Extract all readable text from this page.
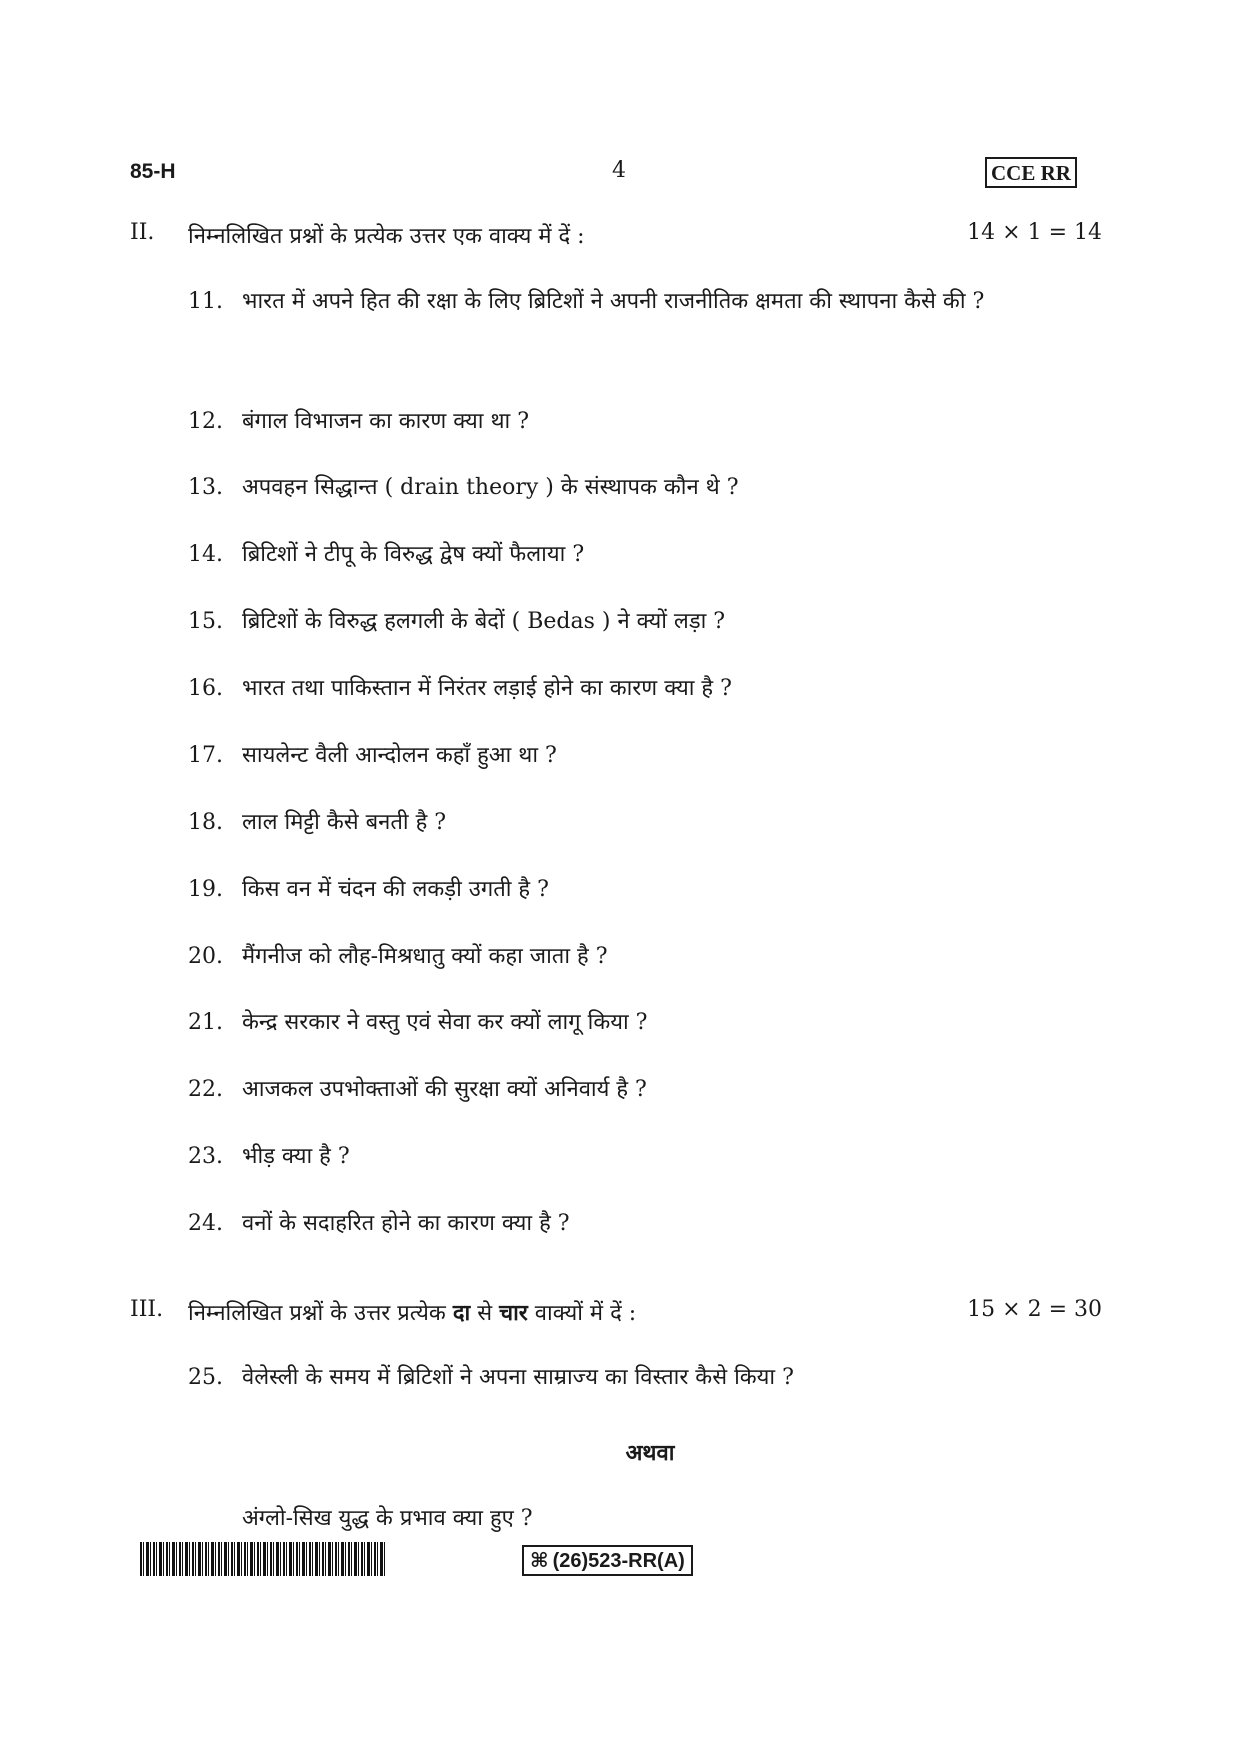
85-H	4	CCE RR
II. निम्नलिखित प्रश्नों के प्रत्येक उत्तर एक वाक्य में दें :	14 × 1 = 14
11. भारत में अपने हित की रक्षा के लिए ब्रिटिशों ने अपनी राजनीतिक क्षमता की स्थापना कैसे की ?
12. बंगाल विभाजन का कारण क्या था ?
13. अपवहन सिद्धान्त ( drain theory ) के संस्थापक कौन थे ?
14. ब्रिटिशों ने टीपू के विरुद्ध द्वेष क्यों फैलाया ?
15. ब्रिटिशों के विरुद्ध हलगली के बेदों ( Bedas ) ने क्यों लड़ा ?
16. भारत तथा पाकिस्तान में निरंतर लड़ाई होने का कारण क्या है ?
17. सायलेन्ट वैली आन्दोलन कहाँ हुआ था ?
18. लाल मिट्टी कैसे बनती है ?
19. किस वन में चंदन की लकड़ी उगती है ?
20. मैंगनीज को लौह-मिश्रधातु क्यों कहा जाता है ?
21. केन्द्र सरकार ने वस्तु एवं सेवा कर क्यों लागू किया ?
22. आजकल उपभोक्ताओं की सुरक्षा क्यों अनिवार्य है ?
23. भीड़ क्या है ?
24. वनों के सदाहरित होने का कारण क्या है ?
III. निम्नलिखित प्रश्नों के उत्तर प्रत्येक दा से चार वाक्यों में दें :	15 × 2 = 30
25. वेलेस्ली के समय में ब्रिटिशों ने अपना साम्राज्य का विस्तार कैसे किया ?
अथवा
अंग्लो-सिख युद्ध के प्रभाव क्या हुए ?
⌘ (26)523-RR(A)
